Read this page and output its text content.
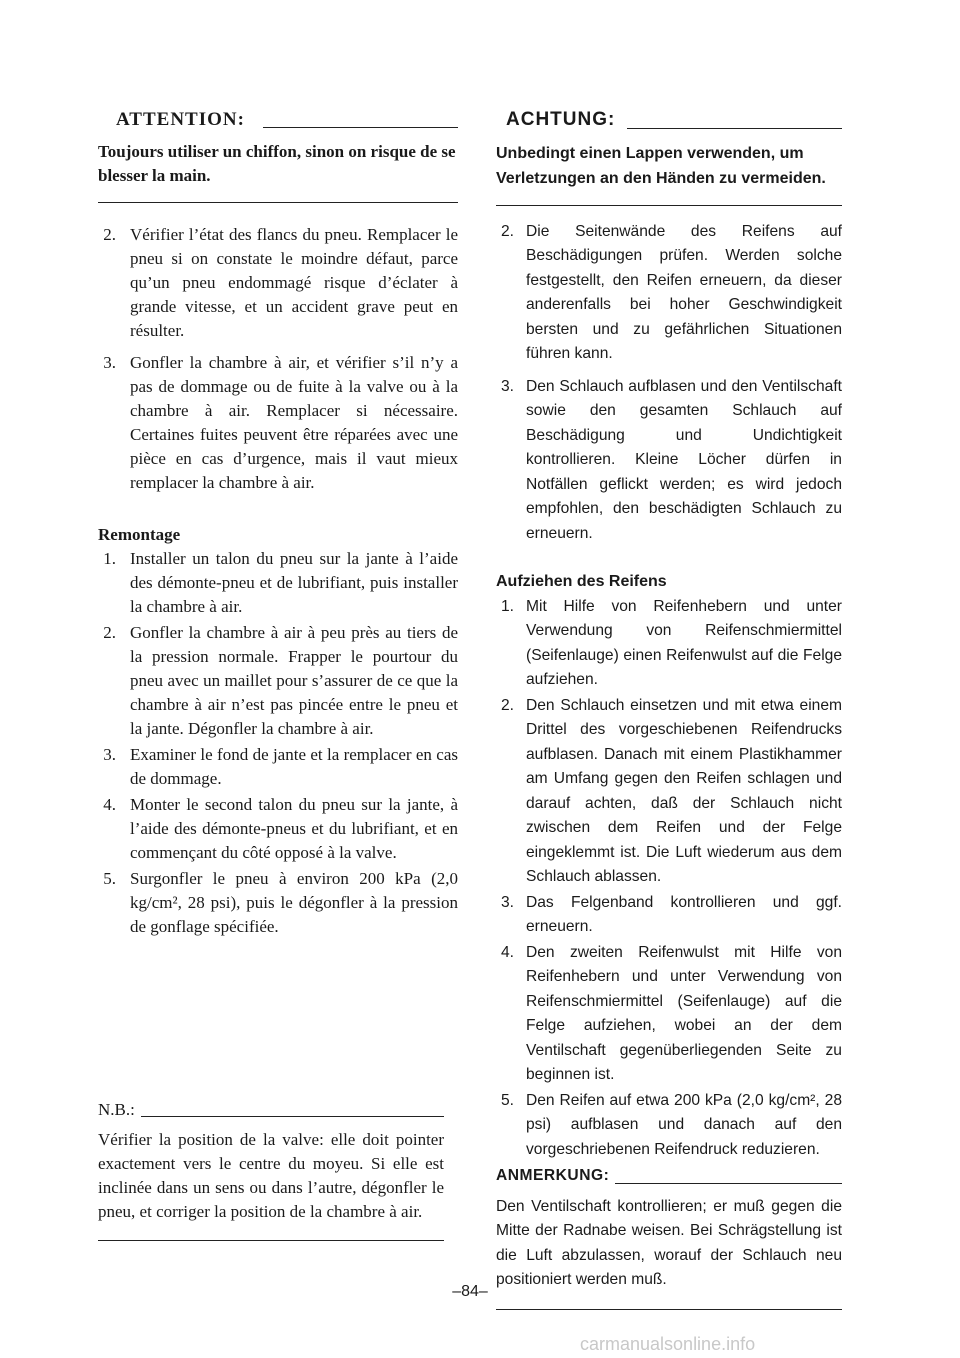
ATTENTION:
Toujours utiliser un chiffon, sinon on risque de se blesser la main.
2. Vérifier l’état des flancs du pneu. Remplacer le pneu si on constate le moindre défaut, parce qu’un pneu endommagé risque d’éclater à grande vitesse, et un accident grave peut en résulter.
3. Gonfler la chambre à air, et vérifier s’il n’y a pas de dommage ou de fuite à la valve ou à la chambre à air. Remplacer si nécessaire. Certaines fuites peuvent être réparées avec une pièce en cas d’urgence, mais il vaut mieux remplacer la chambre à air.
Remontage
1. Installer un talon du pneu sur la jante à l’aide des démonte-pneu et de lubrifiant, puis installer la chambre à air.
2. Gonfler la chambre à air à peu près au tiers de la pression normale. Frapper le pourtour du pneu avec un maillet pour s’assurer de ce que la chambre à air n’est pas pincée entre le pneu et la jante. Dégonfler la chambre à air.
3. Examiner le fond de jante et la remplacer en cas de dommage.
4. Monter le second talon du pneu sur la jante, à l’aide des démonte-pneus et du lubrifiant, et en commençant du côté opposé à la valve.
5. Surgonfler le pneu à environ 200 kPa (2,0 kg/cm², 28 psi), puis le dégonfler à la pression de gonflage spécifiée.
N.B.:
Vérifier la position de la valve: elle doit pointer exactement vers le centre du moyeu. Si elle est inclinée dans un sens ou dans l’autre, dégonfler le pneu, et corriger la position de la chambre à air.
ACHTUNG:
Unbedingt einen Lappen verwenden, um Verletzungen an den Händen zu vermeiden.
2. Die Seitenwände des Reifens auf Beschädigungen prüfen. Werden solche festgestellt, den Reifen erneuern, da dieser anderenfalls bei hoher Geschwindigkeit bersten und zu gefährlichen Situationen führen kann.
3. Den Schlauch aufblasen und den Ventilschaft sowie den gesamten Schlauch auf Beschädigung und Undichtigkeit kontrollieren. Kleine Löcher dürfen in Notfällen geflickt werden; es wird jedoch empfohlen, den beschädigten Schlauch zu erneuern.
Aufziehen des Reifens
1. Mit Hilfe von Reifenhebern und unter Verwendung von Reifenschmiermittel (Seifenlauge) einen Reifenwulst auf die Felge aufziehen.
2. Den Schlauch einsetzen und mit etwa einem Drittel des vorgeschiebenen Reifendrucks aufblasen. Danach mit einem Plastikhammer am Umfang gegen den Reifen schlagen und darauf achten, daß der Schlauch nicht zwischen dem Reifen und der Felge eingeklemmt ist. Die Luft wiederum aus dem Schlauch ablassen.
3. Das Felgenband kontrollieren und ggf. erneuern.
4. Den zweiten Reifenwulst mit Hilfe von Reifenhebern und unter Verwendung von Reifenschmiermittel (Seifenlauge) auf die Felge aufziehen, wobei an der dem Ventilschaft gegenüberliegenden Seite zu beginnen ist.
5. Den Reifen auf etwa 200 kPa (2,0 kg/cm², 28 psi) aufblasen und danach auf den vorgeschriebenen Reifendruck reduzieren.
ANMERKUNG:
Den Ventilschaft kontrollieren; er muß gegen die Mitte der Radnabe weisen. Bei Schrägstellung ist die Luft abzulassen, worauf der Schlauch neu positioniert werden muß.
–84–
carmanualsonline.info
